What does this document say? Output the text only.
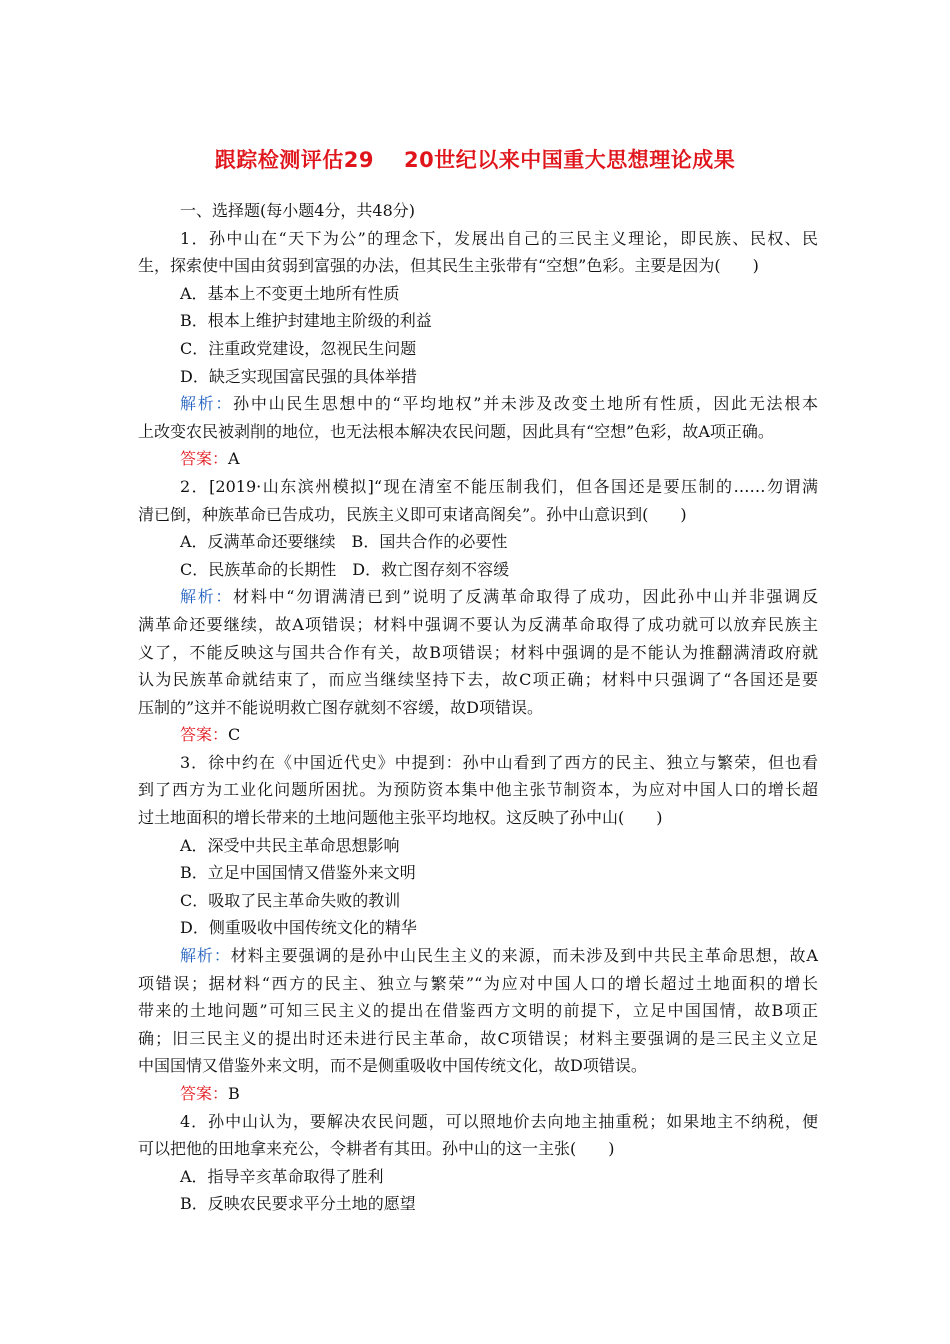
跟踪检测评估29 20世纪以来中国重大思想理论成果
一、选择题(每小题4分，共48分)
1．孙中山在“天下为公”的理念下，发展出自己的三民主义理论，即民族、民权、民
生，探索使中国由贫弱到富强的办法，但其民生主张带有“空想”色彩。主要是因为(　　)
A．基本上不变更土地所有性质
B．根本上维护封建地主阶级的利益
C．注重政党建设，忽视民生问题
D．缺乏实现国富民强的具体举措
解析：孙中山民生思想中的“平均地权”并未涉及改变土地所有性质，因此无法根本
上改变农民被剥削的地位，也无法根本解决农民问题，因此具有“空想”色彩，故A项正确。
答案：A
2．[2019·山东滨州模拟]“现在清室不能压制我们，但各国还是要压制的……勿谓满
清已倒，种族革命已告成功，民族主义即可束诸高阁矣”。孙中山意识到(　　)
A．反满革命还要继续　B．国共合作的必要性
C．民族革命的长期性　D．救亡图存刻不容缓
解析：材料中“勿谓满清已到”说明了反满革命取得了成功，因此孙中山并非强调反
满革命还要继续，故A项错误；材料中强调不要认为反满革命取得了成功就可以放弃民族主
义了，不能反映这与国共合作有关，故B项错误；材料中强调的是不能认为推翻满清政府就
认为民族革命就结束了，而应当继续坚持下去，故C项正确；材料中只强调了“各国还是要
压制的”这并不能说明救亡图存就刻不容缓，故D项错误。
答案：C
3．徐中约在《中国近代史》中提到：孙中山看到了西方的民主、独立与繁荣，但也看
到了西方为工业化问题所困扰。为预防资本集中他主张节制资本，为应对中国人口的增长超
过土地面积的增长带来的土地问题他主张平均地权。这反映了孙中山(　　)
A．深受中共民主革命思想影响
B．立足中国国情又借鉴外来文明
C．吸取了民主革命失败的教训
D．侧重吸收中国传统文化的精华
解析：材料主要强调的是孙中山民生主义的来源，而未涉及到中共民主革命思想，故A
项错误；据材料“西方的民主、独立与繁荣”“为应对中国人口的增长超过土地面积的增长
带来的土地问题”可知三民主义的提出在借鉴西方文明的前提下，立足中国国情，故B项正
确；旧三民主义的提出时还未进行民主革命，故C项错误；材料主要强调的是三民主义立足
中国国情又借鉴外来文明，而不是侧重吸收中国传统文化，故D项错误。
答案：B
4．孙中山认为，要解决农民问题，可以照地价去向地主抽重税；如果地主不纳税，便
可以把他的田地拿来充公，令耕者有其田。孙中山的这一主张(　　)
A．指导辛亥革命取得了胜利
B．反映农民要求平分土地的愿望
